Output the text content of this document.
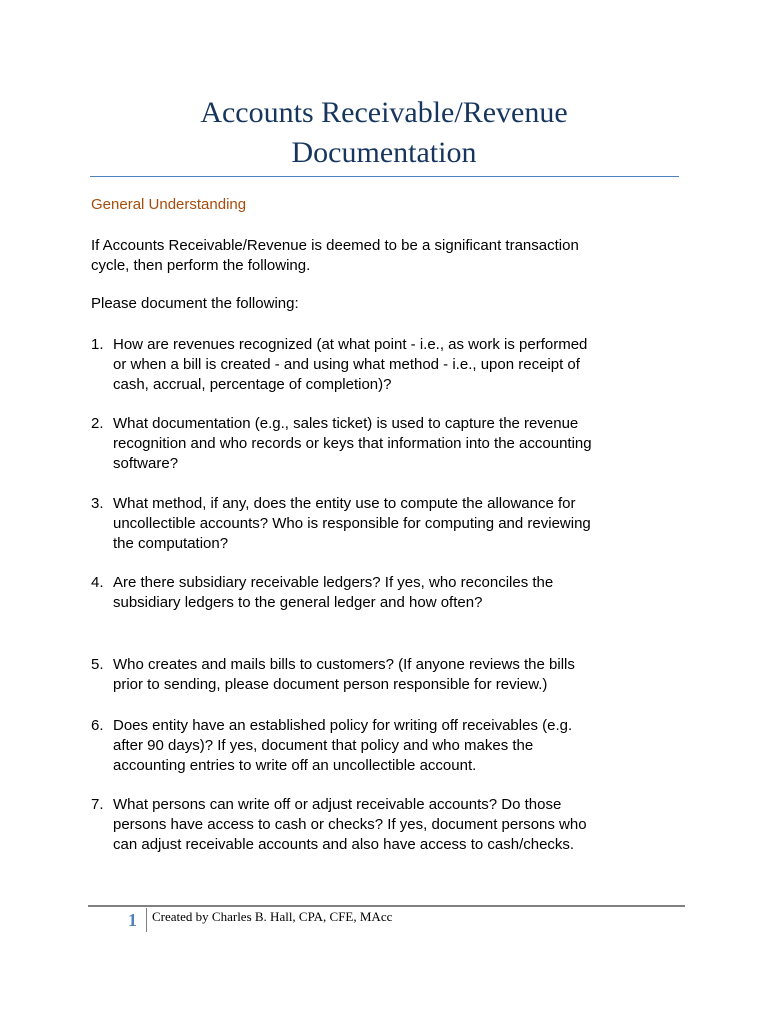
Accounts Receivable/Revenue
Documentation
General Understanding
If Accounts Receivable/Revenue is deemed to be a significant transaction
cycle, then perform the following.
Please document the following:
1. How are revenues recognized (at what point - i.e., as work is performed
or when a bill is created - and using what method - i.e., upon receipt of
cash, accrual, percentage of completion)?
2. What documentation (e.g., sales ticket) is used to capture the revenue
recognition and who records or keys that information into the accounting
software?
3. What method, if any, does the entity use to compute the allowance for
uncollectible accounts? Who is responsible for computing and reviewing
the computation?
4. Are there subsidiary receivable ledgers? If yes, who reconciles the
subsidiary ledgers to the general ledger and how often?
5. Who creates and mails bills to customers? (If anyone reviews the bills
prior to sending, please document person responsible for review.)
6. Does entity have an established policy for writing off receivables (e.g.
after 90 days)? If yes, document that policy and who makes the
accounting entries to write off an uncollectible account.
7. What persons can write off or adjust receivable accounts? Do those
persons have access to cash or checks? If yes, document persons who
can adjust receivable accounts and also have access to cash/checks.
1 Created by Charles B. Hall, CPA, CFE, MAcc
